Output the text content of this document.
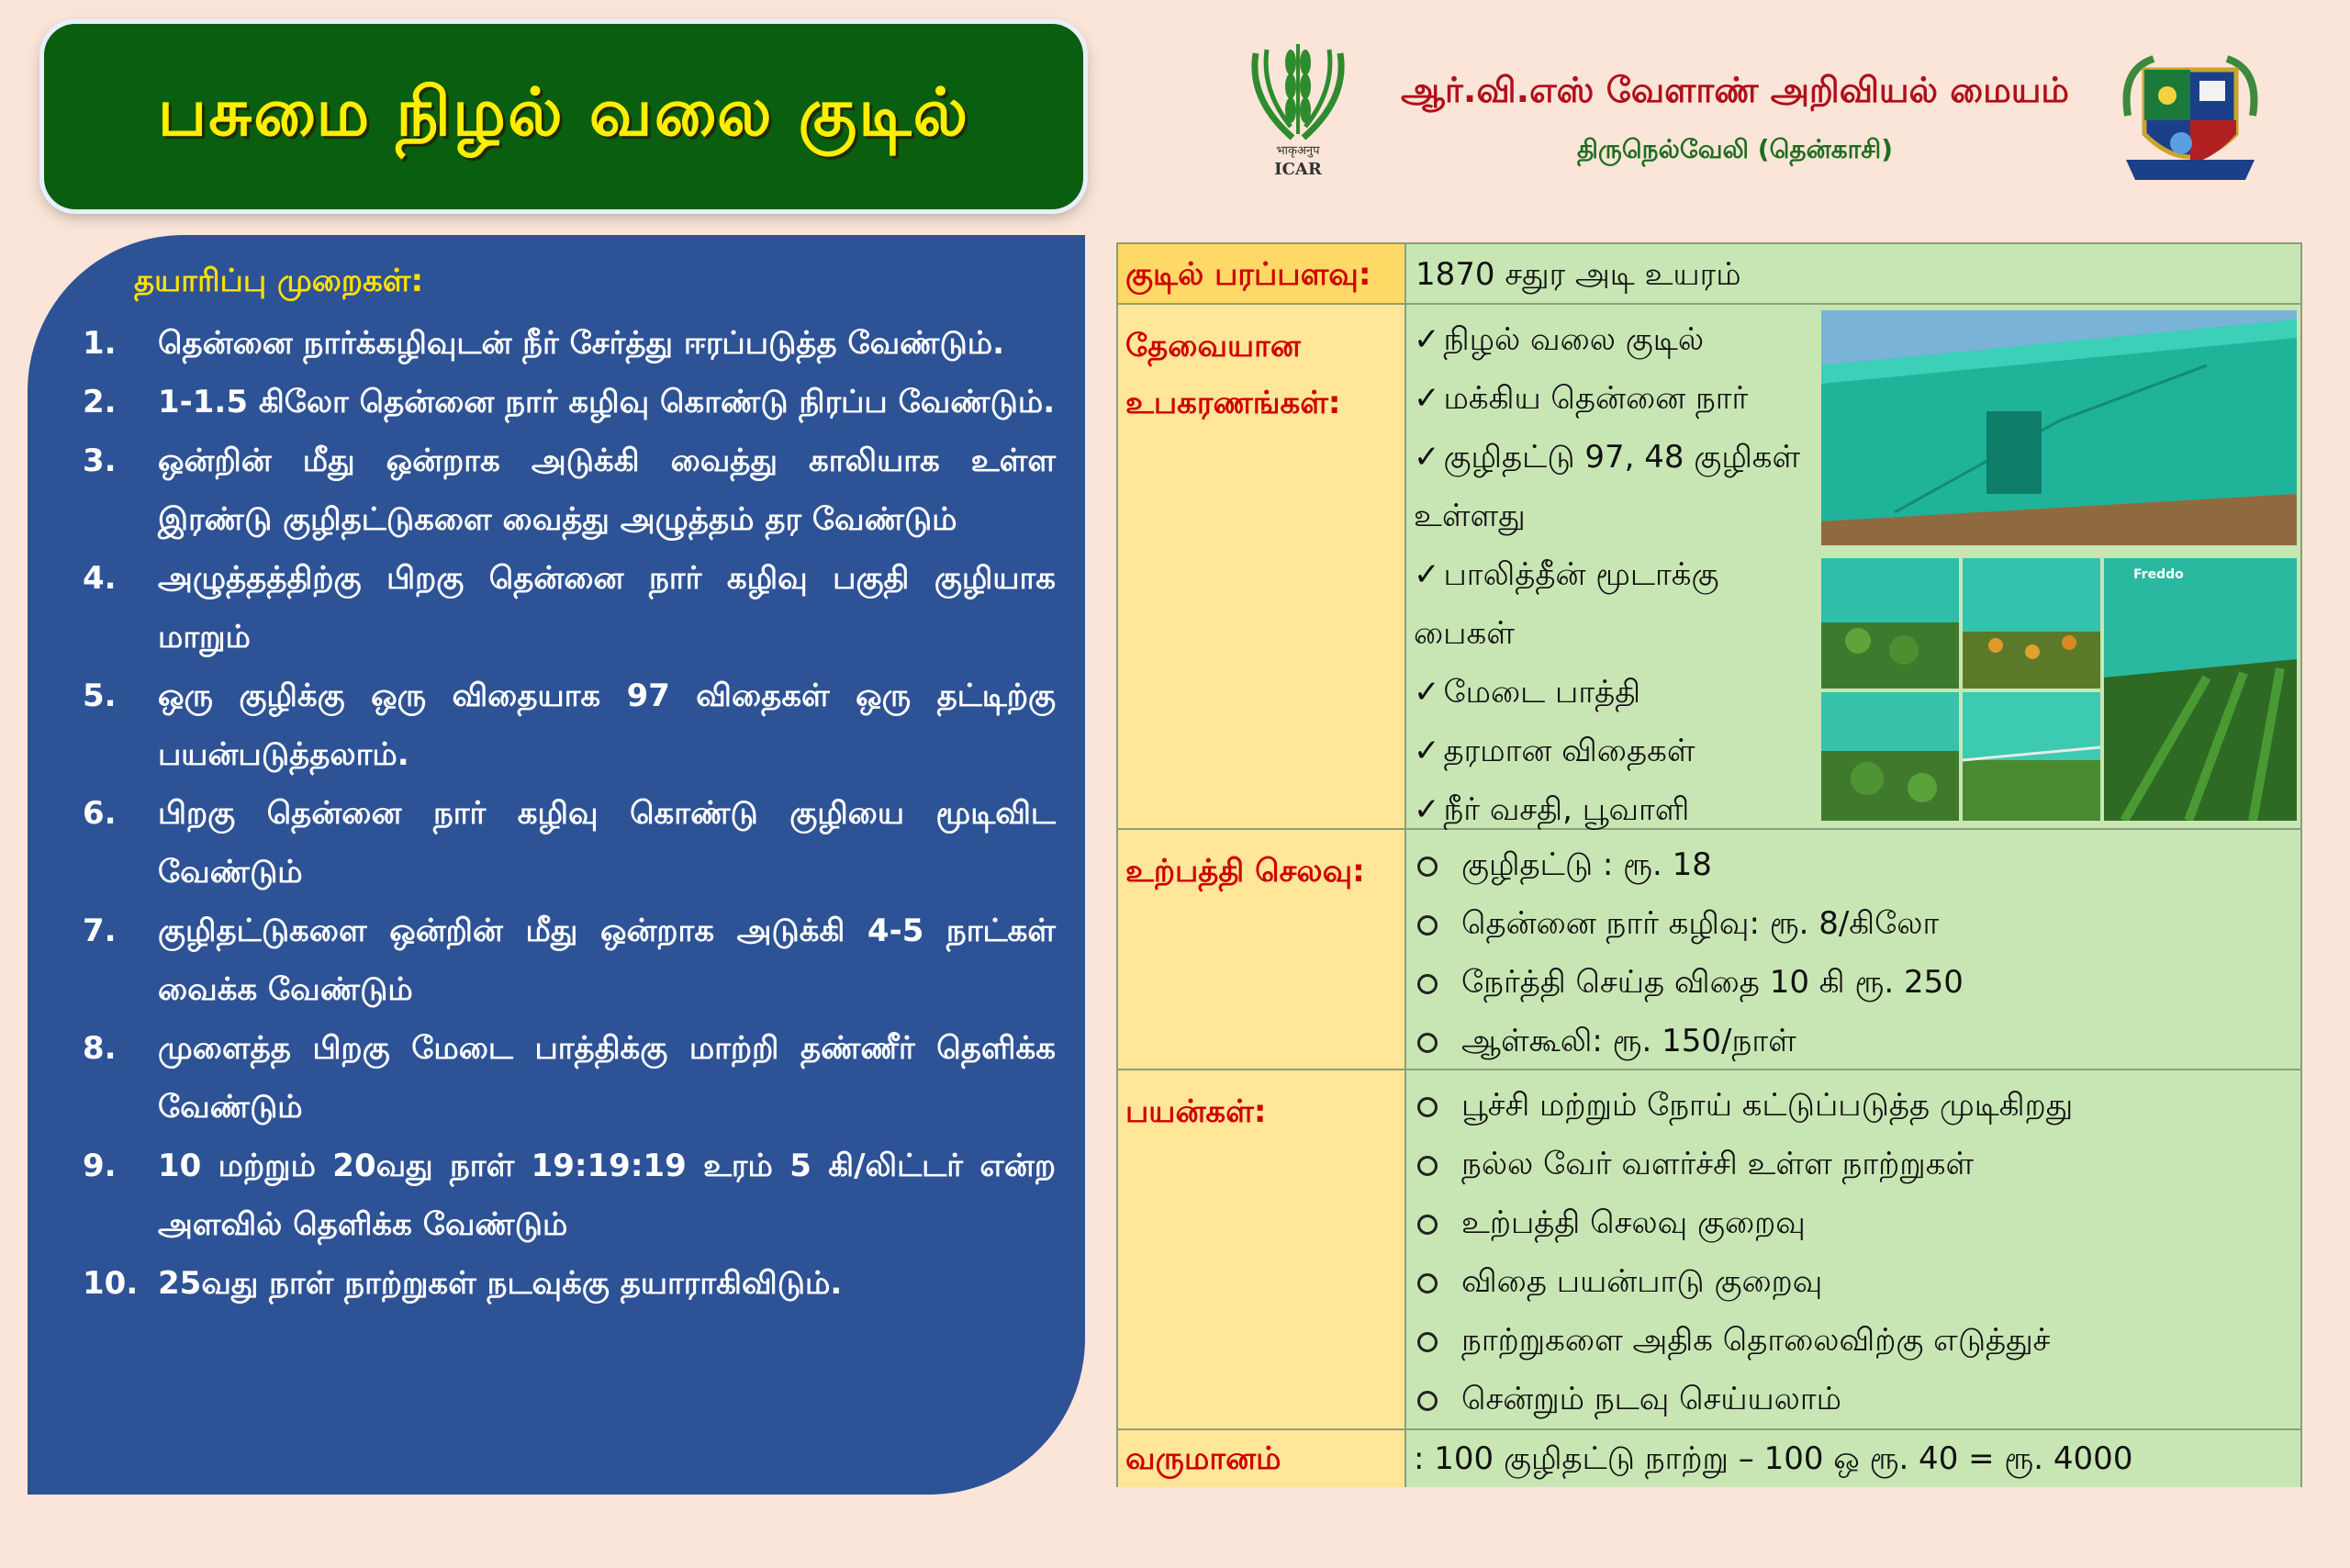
பசுமை நிழல் வலை குடில்
भाकृअनुप
ICAR
ஆர்.வி.எஸ் வேளாண் அறிவியல் மையம்
திருநெல்வேலி (தென்காசி)
தயாரிப்பு முறைகள்:
1.	தென்னை நார்க்கழிவுடன் நீர் சேர்த்து ஈரப்படுத்த வேண்டும்.
2.	1-1.5 கிலோ தென்னை நார் கழிவு கொண்டு நிரப்ப வேண்டும்.
3.	ஒன்றின் மீது ஒன்றாக அடுக்கி வைத்து காலியாக உள்ள இரண்டு குழிதட்டுகளை வைத்து அழுத்தம் தர வேண்டும்
4.	அழுத்தத்திற்கு பிறகு தென்னை நார் கழிவு பகுதி குழியாக மாறும்
5.	ஒரு குழிக்கு ஒரு விதையாக 97 விதைகள் ஒரு தட்டிற்கு பயன்படுத்தலாம்.
6.	பிறகு தென்னை நார் கழிவு கொண்டு குழியை மூடிவிட வேண்டும்
7.	குழிதட்டுகளை ஒன்றின் மீது ஒன்றாக அடுக்கி 4-5 நாட்கள் வைக்க வேண்டும்
8.	முளைத்த பிறகு மேடை பாத்திக்கு மாற்றி தண்ணீர் தெளிக்க வேண்டும்
9.	10 மற்றும் 20வது நாள் 19:19:19 உரம் 5 கி/லிட்டர் என்ற அளவில் தெளிக்க வேண்டும்
10. 25வது நாள் நாற்றுகள் நடவுக்கு தயாராகிவிடும்.
குடில் பரப்பளவு:	1870 சதுர அடி உயரம்
தேவையான உபகரணங்கள்:
✓ நிழல் வலை குடில்
✓ மக்கிய தென்னை நார்
✓ குழிதட்டு 97, 48 குழிகள் உள்ளது
✓ பாலித்தீன் மூடாக்கு பைகள்
✓ மேடை பாத்தி
✓ தரமான விதைகள்
✓ நீர் வசதி, பூவாளி
Freddo
உற்பத்தி செலவு:	குழிதட்டு : ரூ. 18
தென்னை நார் கழிவு: ரூ. 8/கிலோ
நேர்த்தி செய்த விதை 10 கி ரூ. 250
ஆள்கூலி: ரூ. 150/நாள்
பயன்கள்:	பூச்சி மற்றும் நோய் கட்டுப்படுத்த முடிகிறது
நல்ல வேர் வளர்ச்சி உள்ள நாற்றுகள்
உற்பத்தி செலவு குறைவு
விதை பயன்பாடு குறைவு
நாற்றுகளை அதிக தொலைவிற்கு எடுத்துச்
சென்றும் நடவு செய்யலாம்
வருமானம்	: 100 குழிதட்டு நாற்று – 100 ஒ ரூ. 40 = ரூ. 4000
